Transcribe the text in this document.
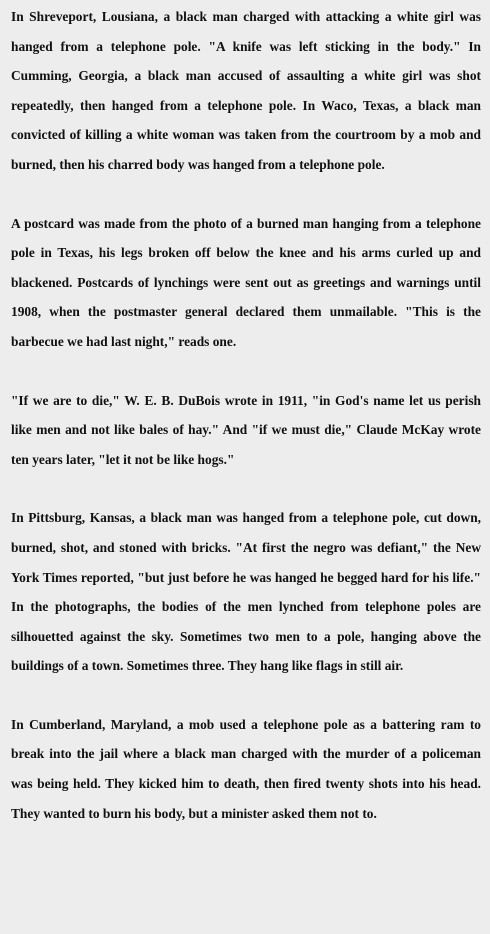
In Shreveport, Lousiana, a black man charged with attacking a white girl was hanged from a telephone pole. "A knife was left sticking in the body." In Cumming, Georgia, a black man accused of assaulting a white girl was shot repeatedly, then hanged from a telephone pole. In Waco, Texas, a black man convicted of killing a white woman was taken from the courtroom by a mob and burned, then his charred body was hanged from a telephone pole.

A postcard was made from the photo of a burned man hanging from a telephone pole in Texas, his legs broken off below the knee and his arms curled up and blackened. Postcards of lynchings were sent out as greetings and warnings until 1908, when the postmaster general declared them unmailable. "This is the barbecue we had last night," reads one.

"If we are to die," W. E. B. DuBois wrote in 1911, "in God's name let us perish like men and not like bales of hay." And "if we must die," Claude McKay wrote ten years later, "let it not be like hogs."

In Pittsburg, Kansas, a black man was hanged from a telephone pole, cut down, burned, shot, and stoned with bricks. "At first the negro was defiant," the New York Times reported, "but just before he was hanged he begged hard for his life." In the photographs, the bodies of the men lynched from telephone poles are silhouetted against the sky. Sometimes two men to a pole, hanging above the buildings of a town. Sometimes three. They hang like flags in still air.

In Cumberland, Maryland, a mob used a telephone pole as a battering ram to break into the jail where a black man charged with the murder of a policeman was being held. They kicked him to death, then fired twenty shots into his head. They wanted to burn his body, but a minister asked them not to.
